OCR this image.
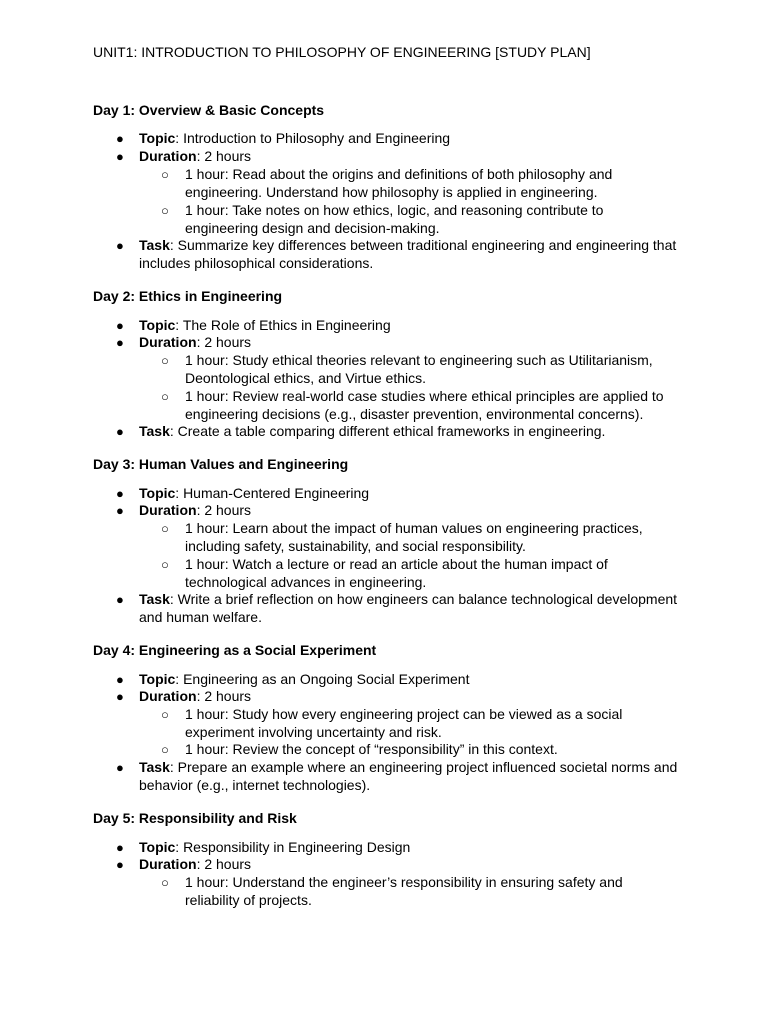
UNIT1: INTRODUCTION TO PHILOSOPHY OF ENGINEERING [STUDY PLAN]
Day 1: Overview & Basic Concepts
● Topic: Introduction to Philosophy and Engineering
● Duration: 2 hours
○ 1 hour: Read about the origins and definitions of both philosophy and engineering. Understand how philosophy is applied in engineering.
○ 1 hour: Take notes on how ethics, logic, and reasoning contribute to engineering design and decision-making.
● Task: Summarize key differences between traditional engineering and engineering that includes philosophical considerations.
Day 2: Ethics in Engineering
● Topic: The Role of Ethics in Engineering
● Duration: 2 hours
○ 1 hour: Study ethical theories relevant to engineering such as Utilitarianism, Deontological ethics, and Virtue ethics.
○ 1 hour: Review real-world case studies where ethical principles are applied to engineering decisions (e.g., disaster prevention, environmental concerns).
● Task: Create a table comparing different ethical frameworks in engineering.
Day 3: Human Values and Engineering
● Topic: Human-Centered Engineering
● Duration: 2 hours
○ 1 hour: Learn about the impact of human values on engineering practices, including safety, sustainability, and social responsibility.
○ 1 hour: Watch a lecture or read an article about the human impact of technological advances in engineering.
● Task: Write a brief reflection on how engineers can balance technological development and human welfare.
Day 4: Engineering as a Social Experiment
● Topic: Engineering as an Ongoing Social Experiment
● Duration: 2 hours
○ 1 hour: Study how every engineering project can be viewed as a social experiment involving uncertainty and risk.
○ 1 hour: Review the concept of “responsibility” in this context.
● Task: Prepare an example where an engineering project influenced societal norms and behavior (e.g., internet technologies).
Day 5: Responsibility and Risk
● Topic: Responsibility in Engineering Design
● Duration: 2 hours
○ 1 hour: Understand the engineer’s responsibility in ensuring safety and reliability of projects.
